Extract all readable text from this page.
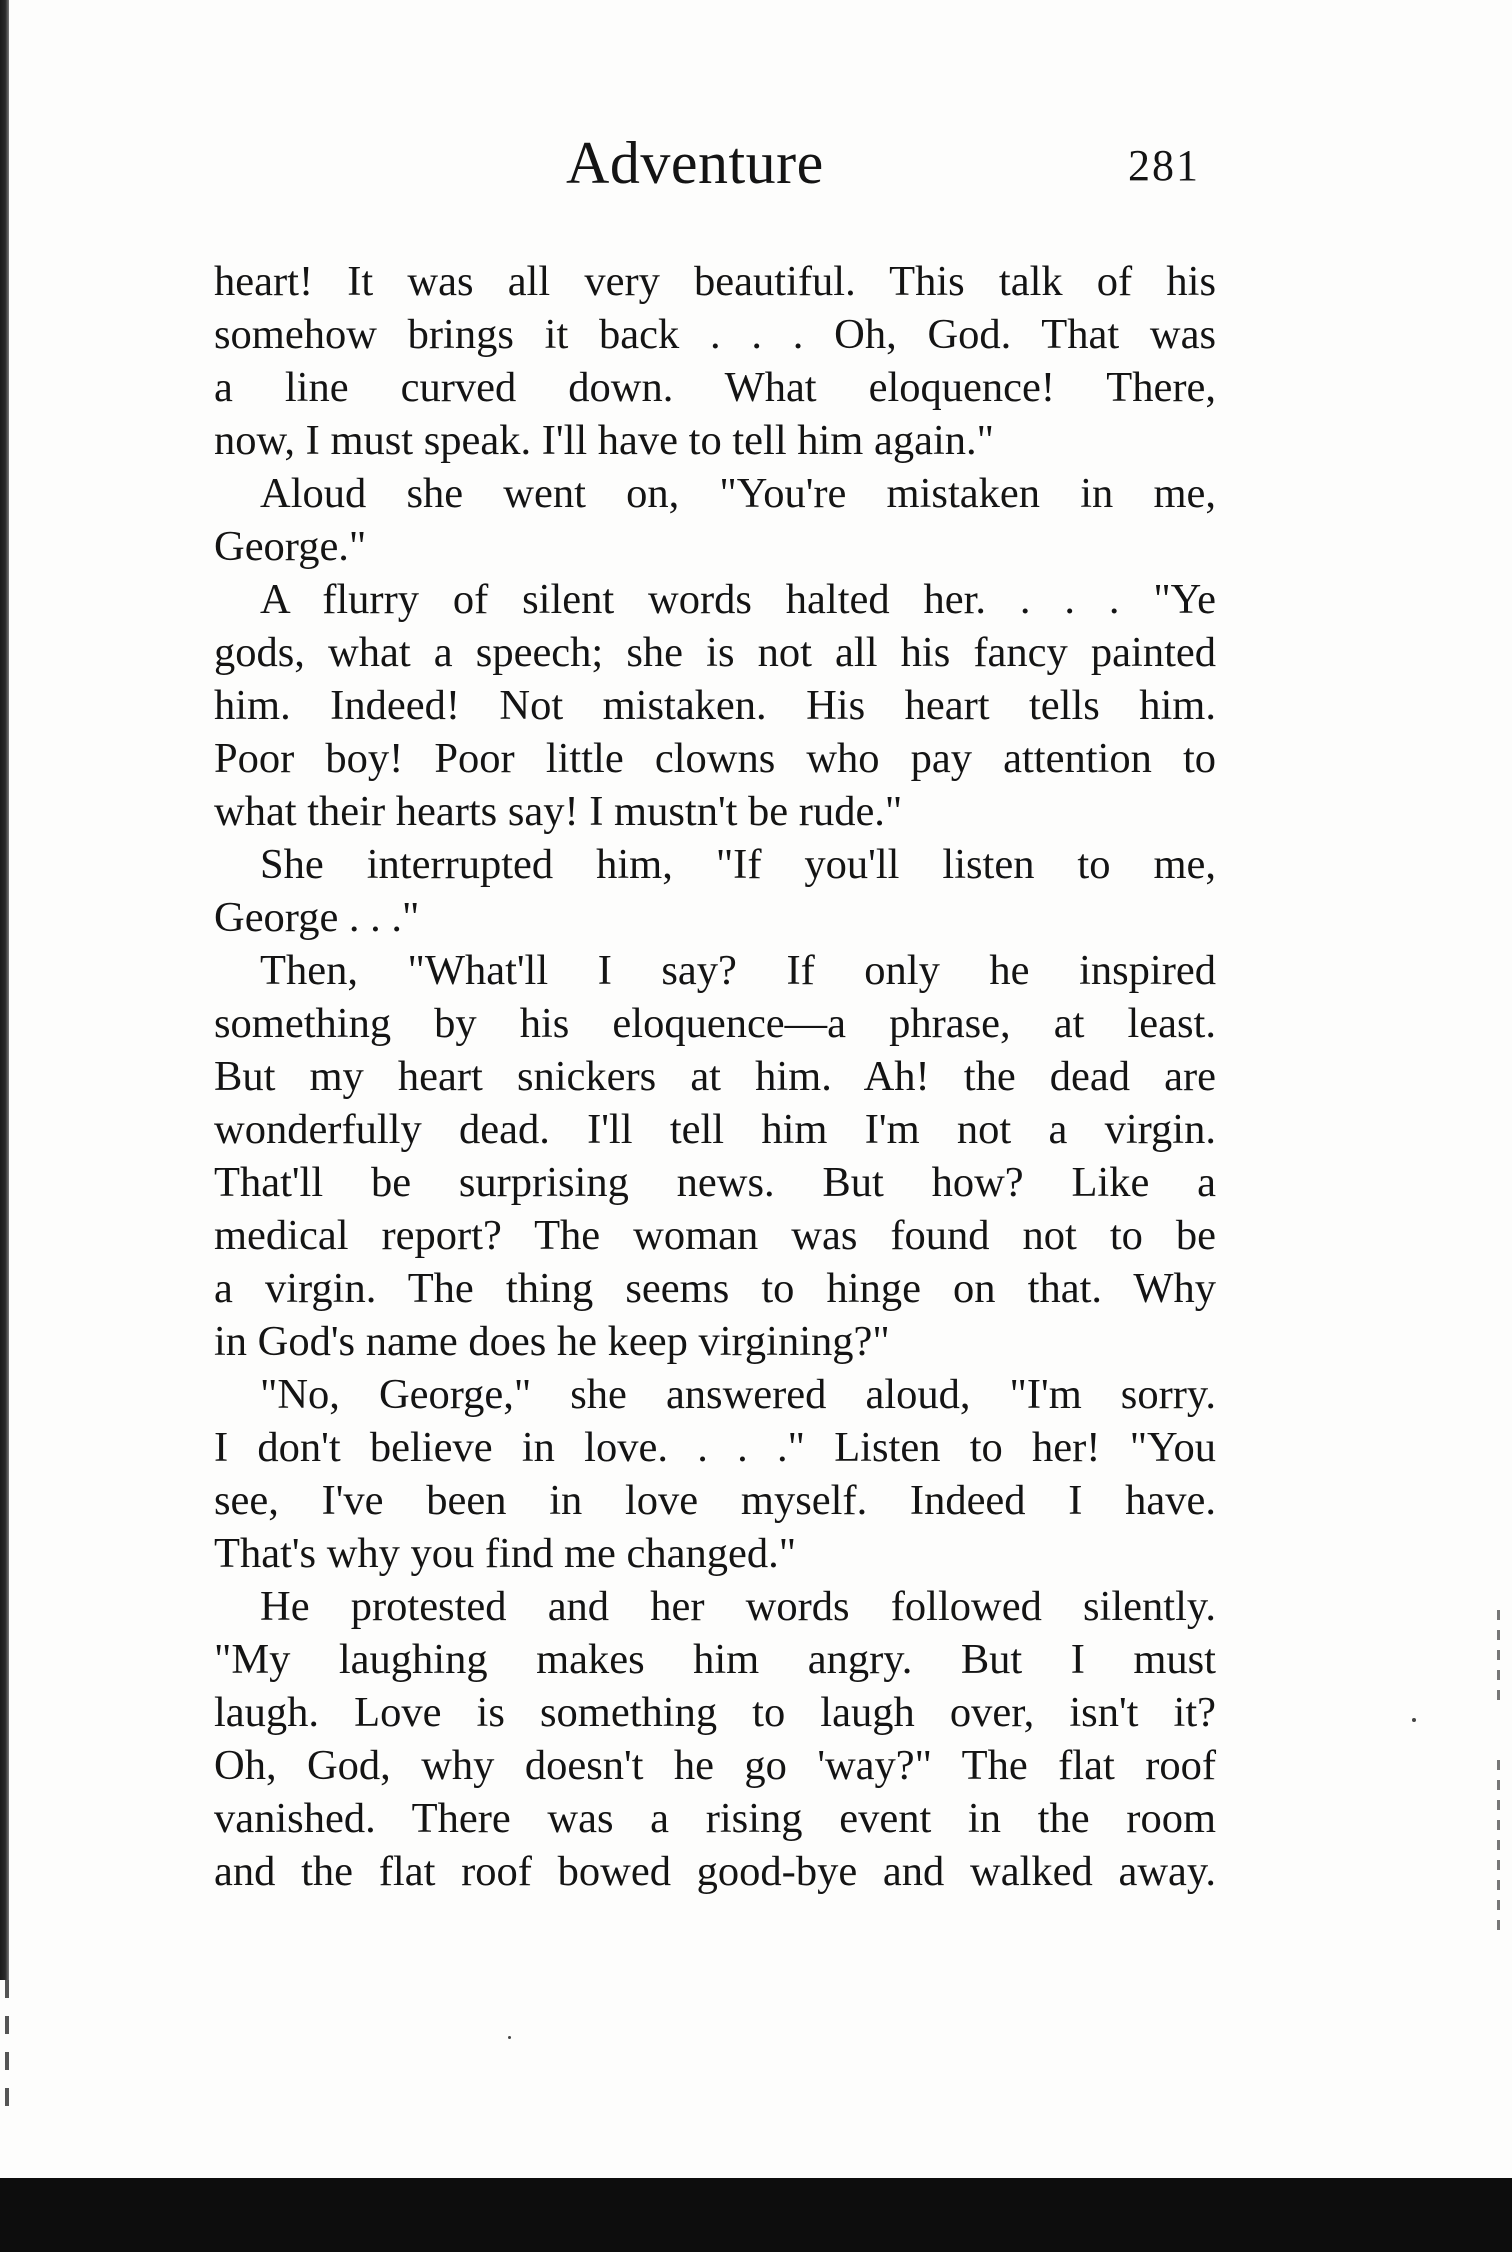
Adventure	281
heart! It was all very beautiful. This talk of his
somehow brings it back . . . Oh, God. That was
a line curved down. What eloquence! There,
now, I must speak. I'll have to tell him again."
Aloud she went on, "You're mistaken in me,
George."
A flurry of silent words halted her. . . . "Ye
gods, what a speech; she is not all his fancy painted
him. Indeed! Not mistaken. His heart tells him.
Poor boy! Poor little clowns who pay attention to
what their hearts say! I mustn't be rude."
She interrupted him, "If you'll listen to me,
George . . ."
Then, "What'll I say? If only he inspired
something by his eloquence—a phrase, at least.
But my heart snickers at him. Ah! the dead are
wonderfully dead. I'll tell him I'm not a virgin.
That'll be surprising news. But how? Like a
medical report? The woman was found not to be
a virgin. The thing seems to hinge on that. Why
in God's name does he keep virgining?"
"No, George," she answered aloud, "I'm sorry.
I don't believe in love. . . ." Listen to her! "You
see, I've been in love myself. Indeed I have.
That's why you find me changed."
He protested and her words followed silently.
"My laughing makes him angry. But I must
laugh. Love is something to laugh over, isn't it?
Oh, God, why doesn't he go 'way?" The flat roof
vanished. There was a rising event in the room
and the flat roof bowed good-bye and walked away.
